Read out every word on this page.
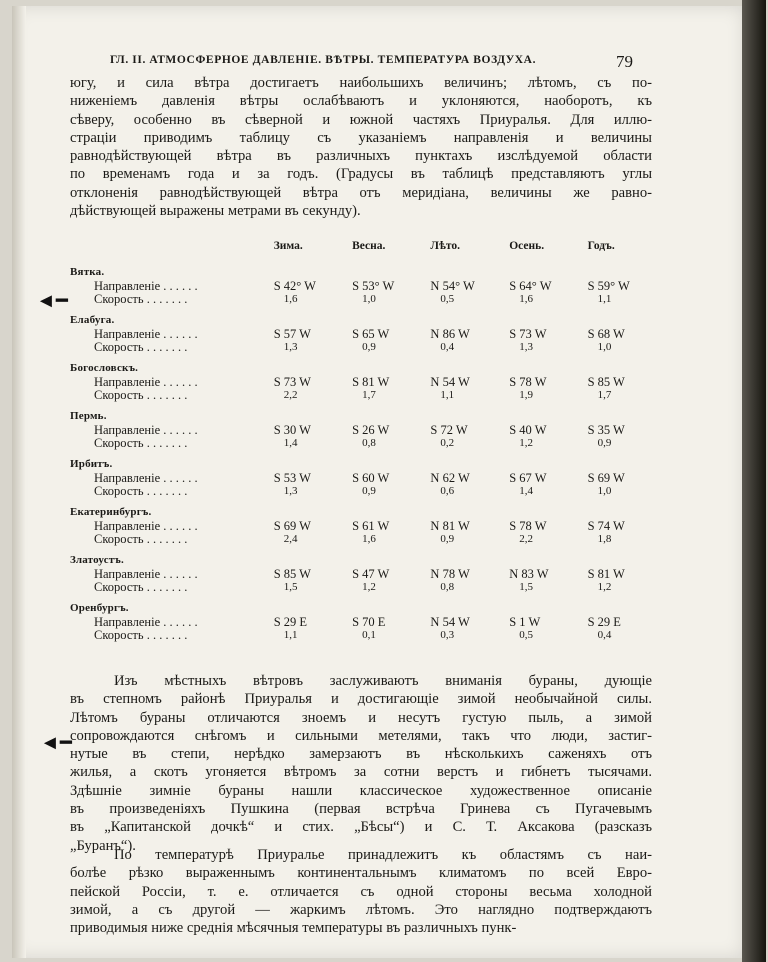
ГЛ. II. АТМОСФЕРНОЕ ДАВЛЕНІЕ. ВѢТРЫ. ТЕМПЕРАТУРА ВОЗДУХА.	79
югу, и сила вѣтра достигаетъ наибольшихъ величинъ; лѣтомъ, съ по-
ниженіемъ давленія вѣтры ослабѣваютъ и уклоняются, наоборотъ, къ
сѣверу, особенно въ сѣверной и южной частяхъ Приуралья. Для иллю-
страціи приводимъ таблицу съ указаніемъ направленія и величины
равнодѣйствующей вѣтра въ различныхъ пунктахъ изслѣдуемой области
по временамъ года и за годъ. (Градусы въ таблицѣ представляютъ углы
отклоненія равнодѣйствующей вѣтра отъ меридіана, величины же равно-
дѣйствующей выражены метрами въ секунду).
	Зима.	Весна.	Лѣто.	Осень.	Годъ.
Вятка.					
Направленіе . . . . . .	S 42° W	S 53° W	N 54° W	S 64° W	S 59° W
Скорость . . . . . . .	1,6	1,0	0,5	1,6	1,1
Елабуга.					
Направленіе . . . . . .	S 57 W	S 65 W	N 86 W	S 73 W	S 68 W
Скорость . . . . . . .	1,3	0,9	0,4	1,3	1,0
Богословскъ.					
Направленіе . . . . . .	S 73 W	S 81 W	N 54 W	S 78 W	S 85 W
Скорость . . . . . . .	2,2	1,7	1,1	1,9	1,7
Пермь.					
Направленіе . . . . . .	S 30 W	S 26 W	S 72 W	S 40 W	S 35 W
Скорость . . . . . . .	1,4	0,8	0,2	1,2	0,9
Ирбитъ.					
Направленіе . . . . . .	S 53 W	S 60 W	N 62 W	S 67 W	S 69 W
Скорость . . . . . . .	1,3	0,9	0,6	1,4	1,0
Екатеринбургъ.					
Направленіе . . . . . .	S 69 W	S 61 W	N 81 W	S 78 W	S 74 W
Скорость . . . . . . .	2,4	1,6	0,9	2,2	1,8
Златоустъ.					
Направленіе . . . . . .	S 85 W	S 47 W	N 78 W	N 83 W	S 81 W
Скорость . . . . . . .	1,5	1,2	0,8	1,5	1,2
Оренбургъ.					
Направленіе . . . . . .	S 29 E	S 70 E	N 54 W	S 1 W	S 29 E
Скорость . . . . . . .	1,1	0,1	0,3	0,5	0,4
Изъ мѣстныхъ вѣтровъ заслуживаютъ вниманія бураны, дующіе
въ степномъ районѣ Приуралья и достигающіе зимой необычайной силы.
Лѣтомъ бураны отличаются зноемъ и несутъ густую пыль, а зимой
сопровождаются снѣгомъ и сильными метелями, такъ что люди, застиг-
нутые въ степи, нерѣдко замерзаютъ въ нѣсколькихъ саженяхъ отъ
жилья, а скотъ угоняется вѣтромъ за сотни верстъ и гибнетъ тысячами.
Здѣшніе зимніе бураны нашли классическое художественное описаніе
въ произведеніяхъ Пушкина (первая встрѣча Гринева съ Пугачевымъ
въ „Капитанской дочкѣ“ и стих. „Бѣсы“) и С. Т. Аксакова (разсказъ
„Буранъ“).
По температурѣ Приуралье принадлежитъ къ областямъ съ наи-
болѣе рѣзко выраженнымъ континентальнымъ климатомъ по всей Евро-
пейской Россіи, т. е. отличается съ одной стороны весьма холодной
зимой, а съ другой — жаркимъ лѣтомъ. Это наглядно подтверждаютъ
приводимыя ниже среднія мѣсячныя температуры въ различныхъ пунк-
◄━
◄━
